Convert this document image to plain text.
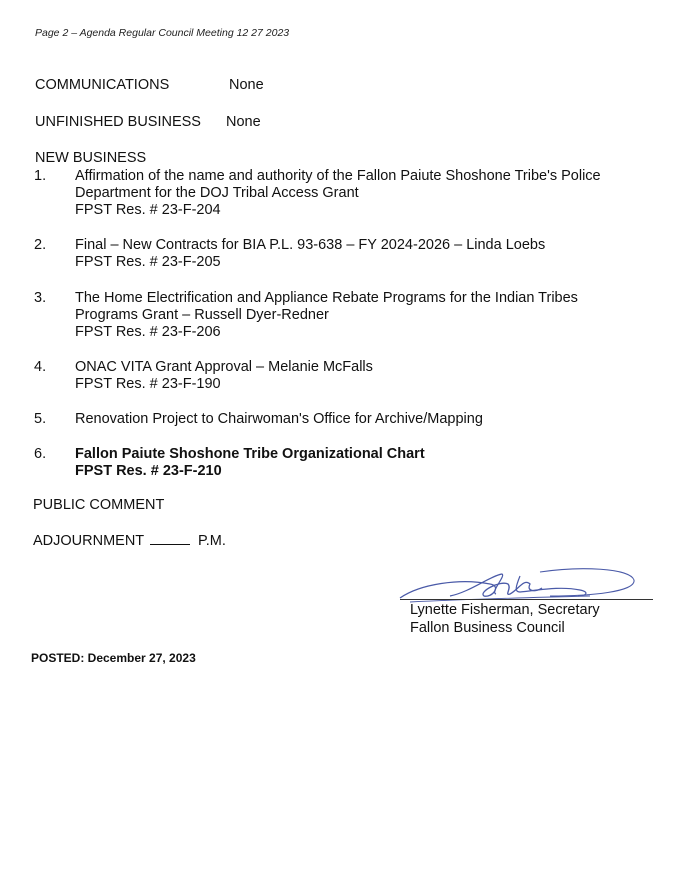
Page 2 – Agenda Regular Council Meeting 12 27 2023
COMMUNICATIONS	None
UNFINISHED BUSINESS None
NEW BUSINESS
1.	Affirmation of the name and authority of the Fallon Paiute Shoshone Tribe's Police
Department for the DOJ Tribal Access Grant
FPST Res. # 23-F-204
2.	Final – New Contracts for BIA P.L. 93-638 – FY 2024-2026 – Linda Loebs
FPST Res. # 23-F-205
3.	The Home Electrification and Appliance Rebate Programs for the Indian Tribes
Programs Grant – Russell Dyer-Redner
FPST Res. # 23-F-206
4.	ONAC VITA Grant Approval – Melanie McFalls
FPST Res. # 23-F-190
5.	Renovation Project to Chairwoman's Office for Archive/Mapping
6.	Fallon Paiute Shoshone Tribe Organizational Chart
FPST Res. # 23-F-210
PUBLIC COMMENT
ADJOURNMENT	P.M.
Lynette Fisherman, Secretary
Fallon Business Council
POSTED: December 27, 2023
